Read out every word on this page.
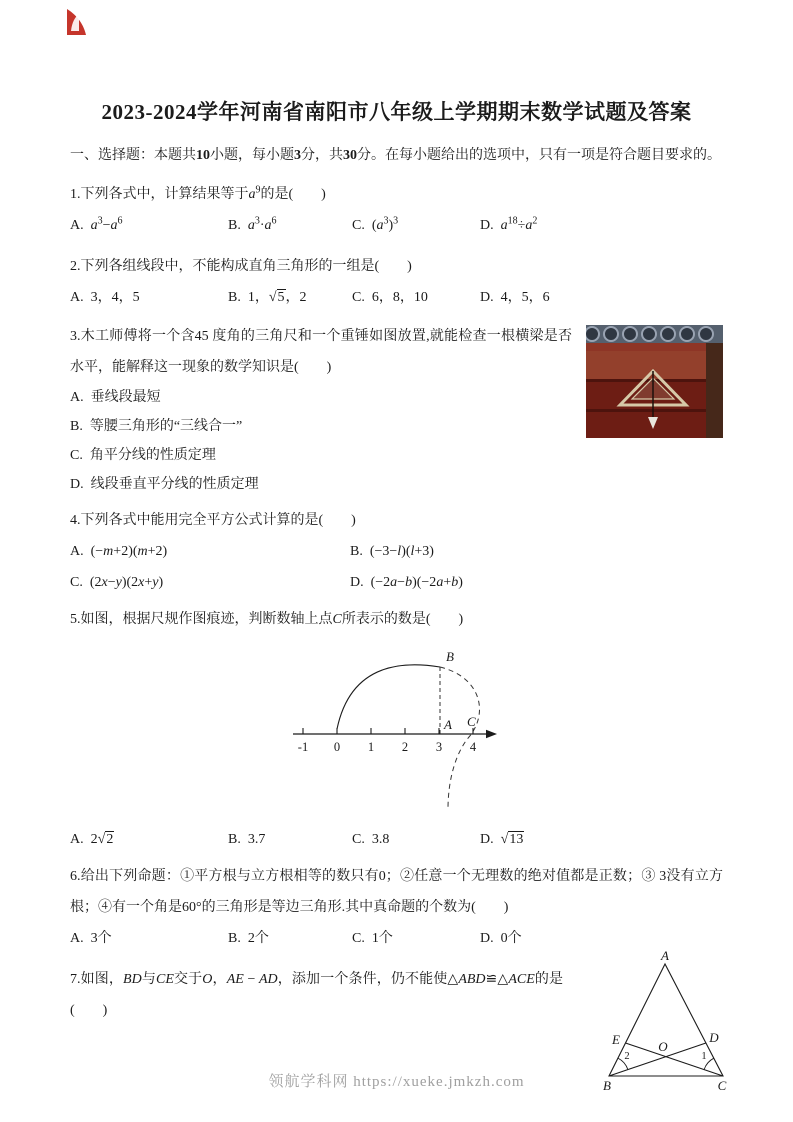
2023-2024学年河南省南阳市八年级上学期期末数学试题及答案

一、选择题：本题共10小题，每小题3分，共30分。在每小题给出的选项中，只有一项是符合题目要求的。

1.下列各式中，计算结果等于$a^9$的是(　　)

A.  $a^3-a^6$	B.  $a^3\cdot a^6$	C.  $(a^3)^3$	D.  $a^{18}\div a^2$

2.下列各组线段中，不能构成直角三角形的一组是(　　)

A.  3，4，5	B.  1，√5，2	C.  6，8，10	D.  4，5，6

3.木工师傅将一个含45 度角的三角尺和一个重锤如图放置,就能检查一根横梁是否水平，能解释这一现象的数学知识是(　　)

A.  垂线段最短

B.  等腰三角形的“三线合一”

C.  角平分线的性质定理

D.  线段垂直平分线的性质定理

4.下列各式中能用完全平方公式计算的是(　　)

A.  (−m+2)(m+2)	B.  (−3−l)(l+3)
C.  (2x−y)(2x+y)	D.  (−2a−b)(−2a+b)

5.如图，根据尺规作图痕迹，判断数轴上点C所表示的数是(　　)

-1 0 1 2 3 4
B
A C
A.  2√2	B.  3.7	C.  3.8	D.  √13

6.给出下列命题：①平方根与立方根相等的数只有0；②任意一个无理数的绝对值都是正数；③ 3没有立方根；④有一个角是60°的三角形是等边三角形.其中真命题的个数为(　　)

A.  3个	B.  2个	C.  1个	D.  0个

7.如图，BD与CE交于O，AE − AD，添加一个条件，仍不能使△ABD≌△ACE的是(　　)

A
B	C
E	D
O
2	1
领航学科网 https://xueke.jmkzh.com
